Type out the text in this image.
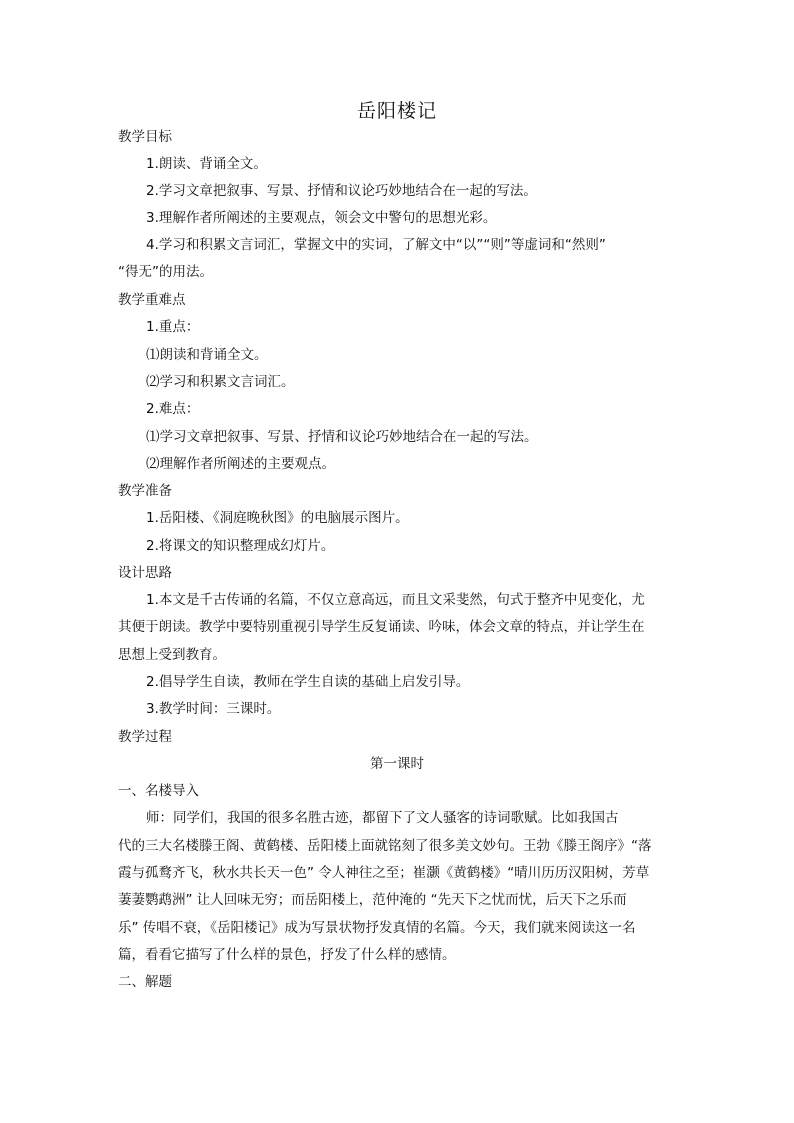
岳阳楼记
教学目标
1.朗读、背诵全文。
2.学习文章把叙事、写景、抒情和议论巧妙地结合在一起的写法。
3.理解作者所阐述的主要观点，领会文中警句的思想光彩。
4.学习和积累文言词汇，掌握文中的实词，了解文中“以”“则”等虚词和“然则”
“得无”的用法。
教学重难点
1.重点：
⑴朗读和背诵全文。
⑵学习和积累文言词汇。
2.难点：
⑴学习文章把叙事、写景、抒情和议论巧妙地结合在一起的写法。
⑵理解作者所阐述的主要观点。
教学准备
1.岳阳楼、《洞庭晚秋图》的电脑展示图片。
2.将课文的知识整理成幻灯片。
设计思路
1.本文是千古传诵的名篇，不仅立意高远，而且文采斐然，句式于整齐中见变化，尤
其便于朗读。教学中要特别重视引导学生反复诵读、吟味，体会文章的特点，并让学生在
思想上受到教育。
2.倡导学生自读，教师在学生自读的基础上启发引导。
3.教学时间：三课时。
教学过程
第一课时
一、名楼导入
师：同学们，我国的很多名胜古迹，都留下了文人骚客的诗词歌赋。比如我国古
代的三大名楼滕王阁、黄鹤楼、岳阳楼上面就铭刻了很多美文妙句。王勃《滕王阁序》“落
霞与孤鹜齐飞，秋水共长天一色” 令人神往之至；崔灏《黄鹤楼》“晴川历历汉阳树，芳草
萋萋鹦鹉洲” 让人回味无穷；而岳阳楼上，范仲淹的 “先天下之忧而忧，后天下之乐而
乐” 传唱不衰，《岳阳楼记》成为写景状物抒发真情的名篇。今天，我们就来阅读这一名
篇，看看它描写了什么样的景色，抒发了什么样的感情。
二、解题
